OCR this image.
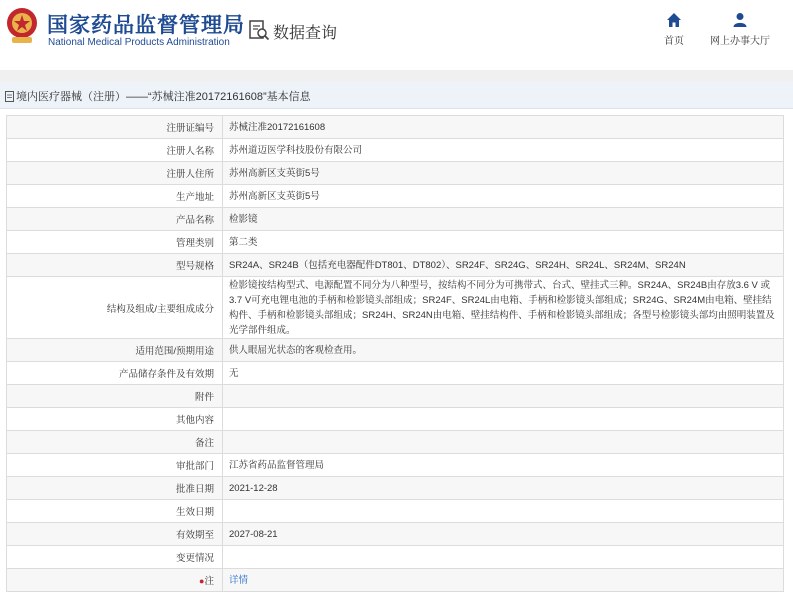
国家药品监督管理局
National Medical Products Administration
数据查询	首页	网上办事大厅
境内医疗器械（注册）——“苏械注准20172161608”基本信息
注册证编号	苏械注准20172161608
注册人名称	苏州道迈医学科技股份有限公司
注册人住所	苏州高新区支英街5号
生产地址	苏州高新区支英街5号
产品名称	检影镜
管理类别	第二类
型号规格	SR24A、SR24B（包括充电器配件DT801、DT802）、SR24F、SR24G、SR24H、SR24L、SR24M、SR24N
结构及组成/主要组成成分	检影镜按结构型式、电源配置不同分为八种型号，按结构不同分为可携带式、台式、壁挂式三种。SR24A、SR24B由存放3.6 V 或3.7 V可充电锂电池的手柄和检影镜头部组成；SR24F、SR24L由电箱、手柄和检影镜头部组成；SR24G、SR24M由电箱、壁挂结构件、手柄和检影镜头部组成；SR24H、SR24N由电箱、壁挂结构件、手柄和检影镜头部组成；各型号检影镜头部均由照明装置及光学部件组成。
适用范围/预期用途	供人眼屈光状态的客观检查用。
产品储存条件及有效期	无
附件	
其他内容	
备注	
审批部门	江苏省药品监督管理局
批准日期	2021-12-28
生效日期	
有效期至	2027-08-21
变更情况	
●注	详情
